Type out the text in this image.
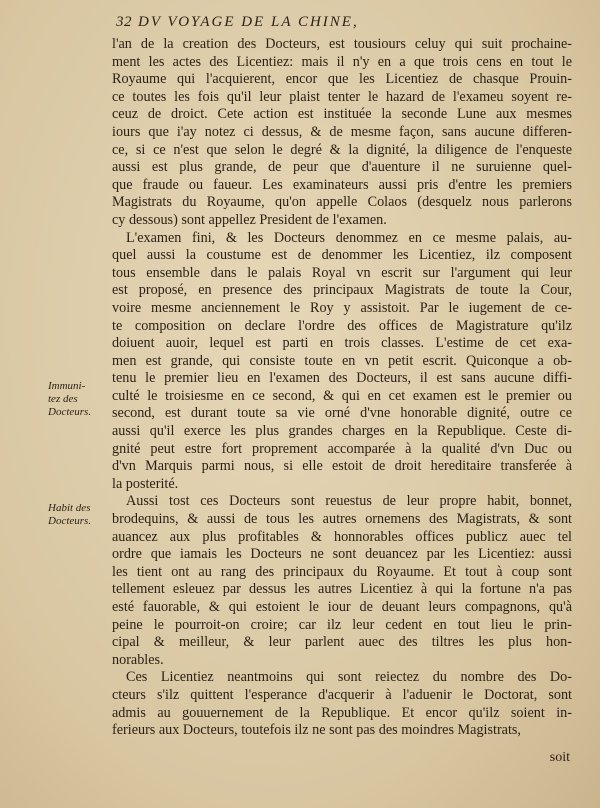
32 DV VOYAGE DE LA CHINE,
Immuni-
tez des
Docteurs.
Habit des
Docteurs.

l'an de la creation des Docteurs, est tousiours celuy qui suit prochaine-
ment les actes des Licentiez: mais il n'y en a que trois cens en tout le
Royaume qui l'acquierent, encor que les Licentiez de chasque Prouin-
ce toutes les fois qu'il leur plaist tenter le hazard de l'exameu soyent re-
ceuz de droict. Cete action est instituée la seconde Lune aux mesmes
iours que i'ay notez ci dessus, & de mesme façon, sans aucune differen-
ce, si ce n'est que selon le degré & la dignité, la diligence de l'enqueste
aussi est plus grande, de peur que d'auenture il ne suruienne quel-
que fraude ou faueur. Les examinateurs aussi pris d'entre les premiers
Magistrats du Royaume, qu'on appelle Colaos (desquelz nous parlerons
cy dessous) sont appellez President de l'examen.

L'examen fini, & les Docteurs denommez en ce mesme palais, au-
quel aussi la coustume est de denommer les Licentiez, ilz composent
tous ensemble dans le palais Royal vn escrit sur l'argument qui leur
est proposé, en presence des principaux Magistrats de toute la Cour,
voire mesme anciennement le Roy y assistoit. Par le iugement de ce-
te composition on declare l'ordre des offices de Magistrature qu'ilz
doiuent auoir, lequel est parti en trois classes. L'estime de cet exa-
men est grande, qui consiste toute en vn petit escrit. Quiconque a ob-
tenu le premier lieu en l'examen des Docteurs, il est sans aucune diffi-
culté le troisiesme en ce second, & qui en cet examen est le premier ou
second, est durant toute sa vie orné d'vne honorable dignité, outre ce
aussi qu'il exerce les plus grandes charges en la Republique. Ceste di-
gnité peut estre fort proprement accomparée à la qualité d'vn Duc ou
d'vn Marquis parmi nous, si elle estoit de droit hereditaire transferée à
la posterité.

Aussi tost ces Docteurs sont reuestus de leur propre habit, bonnet,
brodequins, & aussi de tous les autres ornemens des Magistrats, & sont
auancez aux plus profitables & honnorables offices publicz auec tel
ordre que iamais les Docteurs ne sont deuancez par les Licentiez: aussi
les tient ont au rang des principaux du Royaume. Et tout à coup sont
tellement esleuez par dessus les autres Licentiez à qui la fortune n'a pas
esté fauorable, & qui estoient le iour de deuant leurs compagnons, qu'à
peine le pourroit-on croire; car ilz leur cedent en tout lieu le prin-
cipal & meilleur, & leur parlent auec des tiltres les plus hon-
norables.

Ces Licentiez neantmoins qui sont reiectez du nombre des Do-
cteurs s'ilz quittent l'esperance d'acquerir à l'aduenir le Doctorat, sont
admis au gouuernement de la Republique. Et encor qu'ilz soient in-
ferieurs aux Docteurs, toutefois ilz ne sont pas des moindres Magistrats,

soit
